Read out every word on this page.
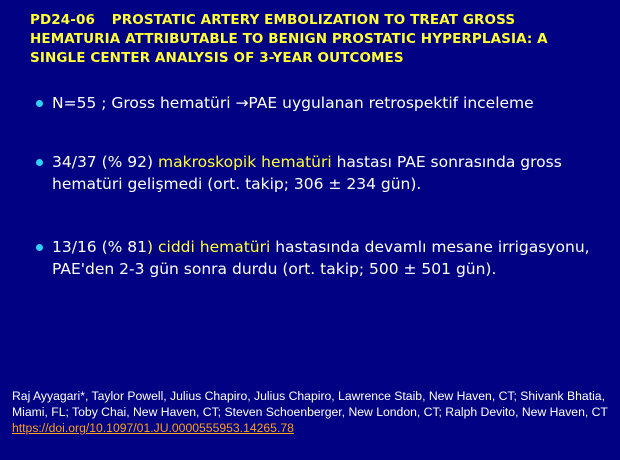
PD24-06 PROSTATIC ARTERY EMBOLIZATION TO TREAT GROSS HEMATURIA ATTRIBUTABLE TO BENIGN PROSTATIC HYPERPLASIA: A SINGLE CENTER ANALYSIS OF 3-YEAR OUTCOMES
N=55 ; Gross hematüri →PAE uygulanan retrospektif inceleme
34/37 (% 92) makroskopik hematüri hastası PAE sonrasında gross hematüri gelişmedi (ort. takip; 306 ± 234 gün).
13/16 (% 81) ciddi hematüri hastasında devamlı mesane irrigasyonu, PAE'den 2-3 gün sonra durdu (ort. takip; 500 ± 501 gün).
Raj Ayyagari*, Taylor Powell, Julius Chapiro, Julius Chapiro, Lawrence Staib, New Haven, CT; Shivank Bhatia, Miami, FL; Toby Chai, New Haven, CT; Steven Schoenberger, New London, CT; Ralph Devito, New Haven, CT https://doi.org/10.1097/01.JU.0000555953.14265.78
